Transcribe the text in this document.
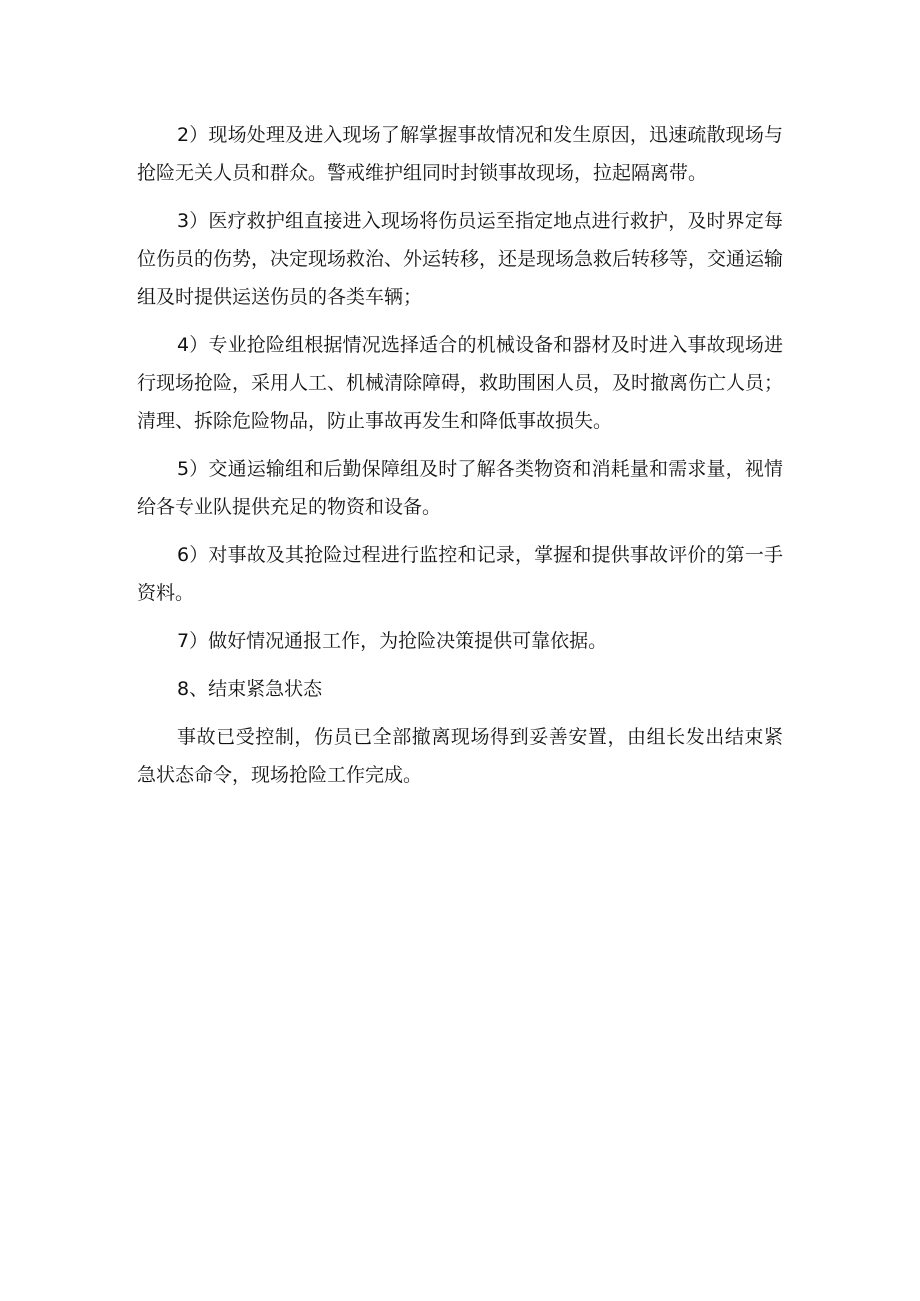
2）现场处理及进入现场了解掌握事故情况和发生原因，迅速疏散现场与抢险无关人员和群众。警戒维护组同时封锁事故现场，拉起隔离带。

3）医疗救护组直接进入现场将伤员运至指定地点进行救护，及时界定每位伤员的伤势，决定现场救治、外运转移，还是现场急救后转移等，交通运输组及时提供运送伤员的各类车辆；

4）专业抢险组根据情况选择适合的机械设备和器材及时进入事故现场进行现场抢险，采用人工、机械清除障碍，救助围困人员，及时撤离伤亡人员；清理、拆除危险物品，防止事故再发生和降低事故损失。

5）交通运输组和后勤保障组及时了解各类物资和消耗量和需求量，视情给各专业队提供充足的物资和设备。

6）对事故及其抢险过程进行监控和记录，掌握和提供事故评价的第一手资料。

7）做好情况通报工作，为抢险决策提供可靠依据。

8、结束紧急状态

事故已受控制，伤员已全部撤离现场得到妥善安置，由组长发出结束紧急状态命令，现场抢险工作完成。
